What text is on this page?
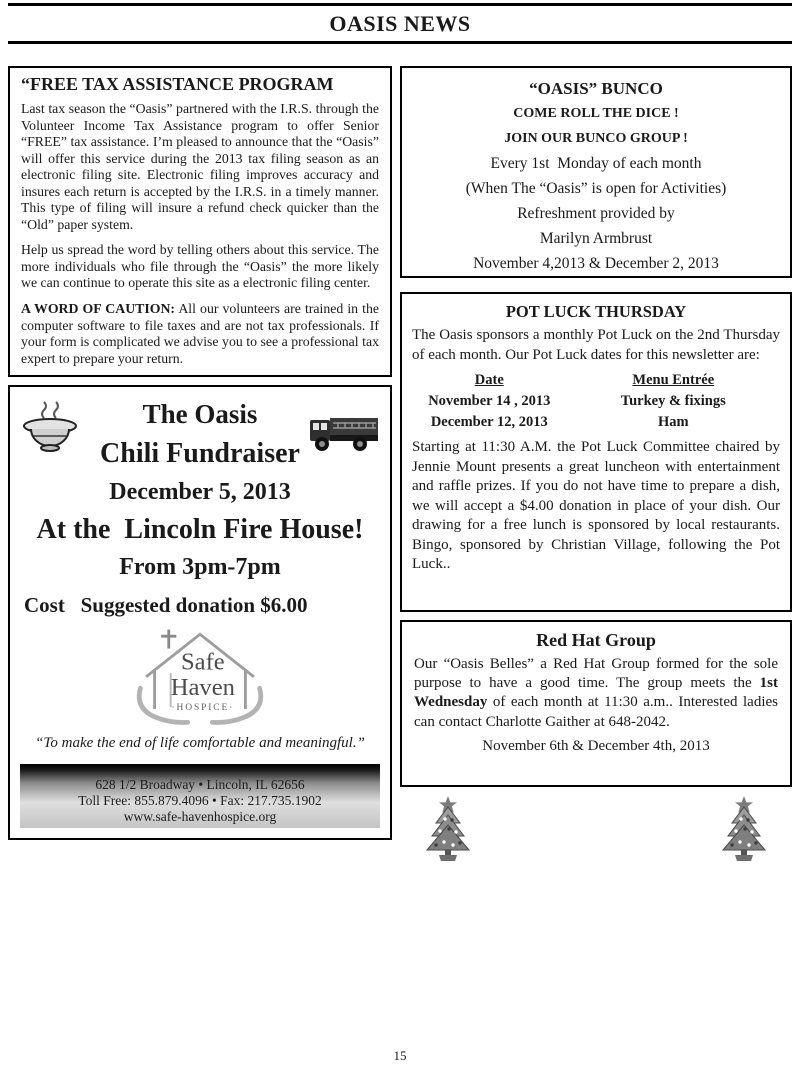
OASIS NEWS
“FREE TAX ASSISTANCE PROGRAM

Last tax season the “Oasis” partnered with the I.R.S. through the Volunteer Income Tax Assistance program to offer Senior “FREE” tax assistance. I’m pleased to announce that the “Oasis” will offer this service during the 2013 tax filing season as an electronic filing site. Electronic filing improves accuracy and insures each return is accepted by the I.R.S. in a timely manner. This type of filing will insure a refund check quicker than the “Old” paper system.

Help us spread the word by telling others about this service. The more individuals who file through the “Oasis” the more likely we can continue to operate this site as a electronic filing center.

A WORD OF CAUTION: All our volunteers are trained in the computer software to file taxes and are not tax professionals. If your form is complicated we advise you to see a professional tax expert to prepare your return.

The Oasis
Chili Fundraiser
December 5, 2013
At the  Lincoln Fire House!
From 3pm-7pm
Cost   Suggested donation $6.00
Safe
Haven
·HOSPICE·
“To make the end of life comfortable and meaningful.”
628 1/2 Broadway • Lincoln, IL 62656
Toll Free: 855.879.4096 • Fax: 217.735.1902
www.safe-havenhospice.org
“OASIS” BUNCO
COME ROLL THE DICE !
JOIN OUR BUNCO GROUP !
Every 1st  Monday of each month
(When The “Oasis” is open for Activities)
Refreshment provided by
Marilyn Armbrust
November 4,2013 & December 2, 2013
POT LUCK THURSDAY

The Oasis sponsors a monthly Pot Luck on the 2nd Thursday of each month. Our Pot Luck dates for this newsletter are:

Date	Menu Entrée
November 14 , 2013	Turkey & fixings
December 12, 2013	Ham

Starting at 11:30 A.M. the Pot Luck Committee chaired by Jennie Mount presents a great luncheon with entertainment and raffle prizes. If you do not have time to prepare a dish, we will accept a $4.00 donation in place of your dish. Our drawing for a free lunch is sponsored by local restaurants. Bingo, sponsored by Christian Village, following the Pot Luck..

Red Hat Group

Our “Oasis Belles” a Red Hat Group formed for the sole purpose to have a good time. The group meets the 1st Wednesday of each month at 11:30 a.m.. Interested ladies can contact Charlotte Gaither at 648-2042.

November 6th & December 4th, 2013
15
